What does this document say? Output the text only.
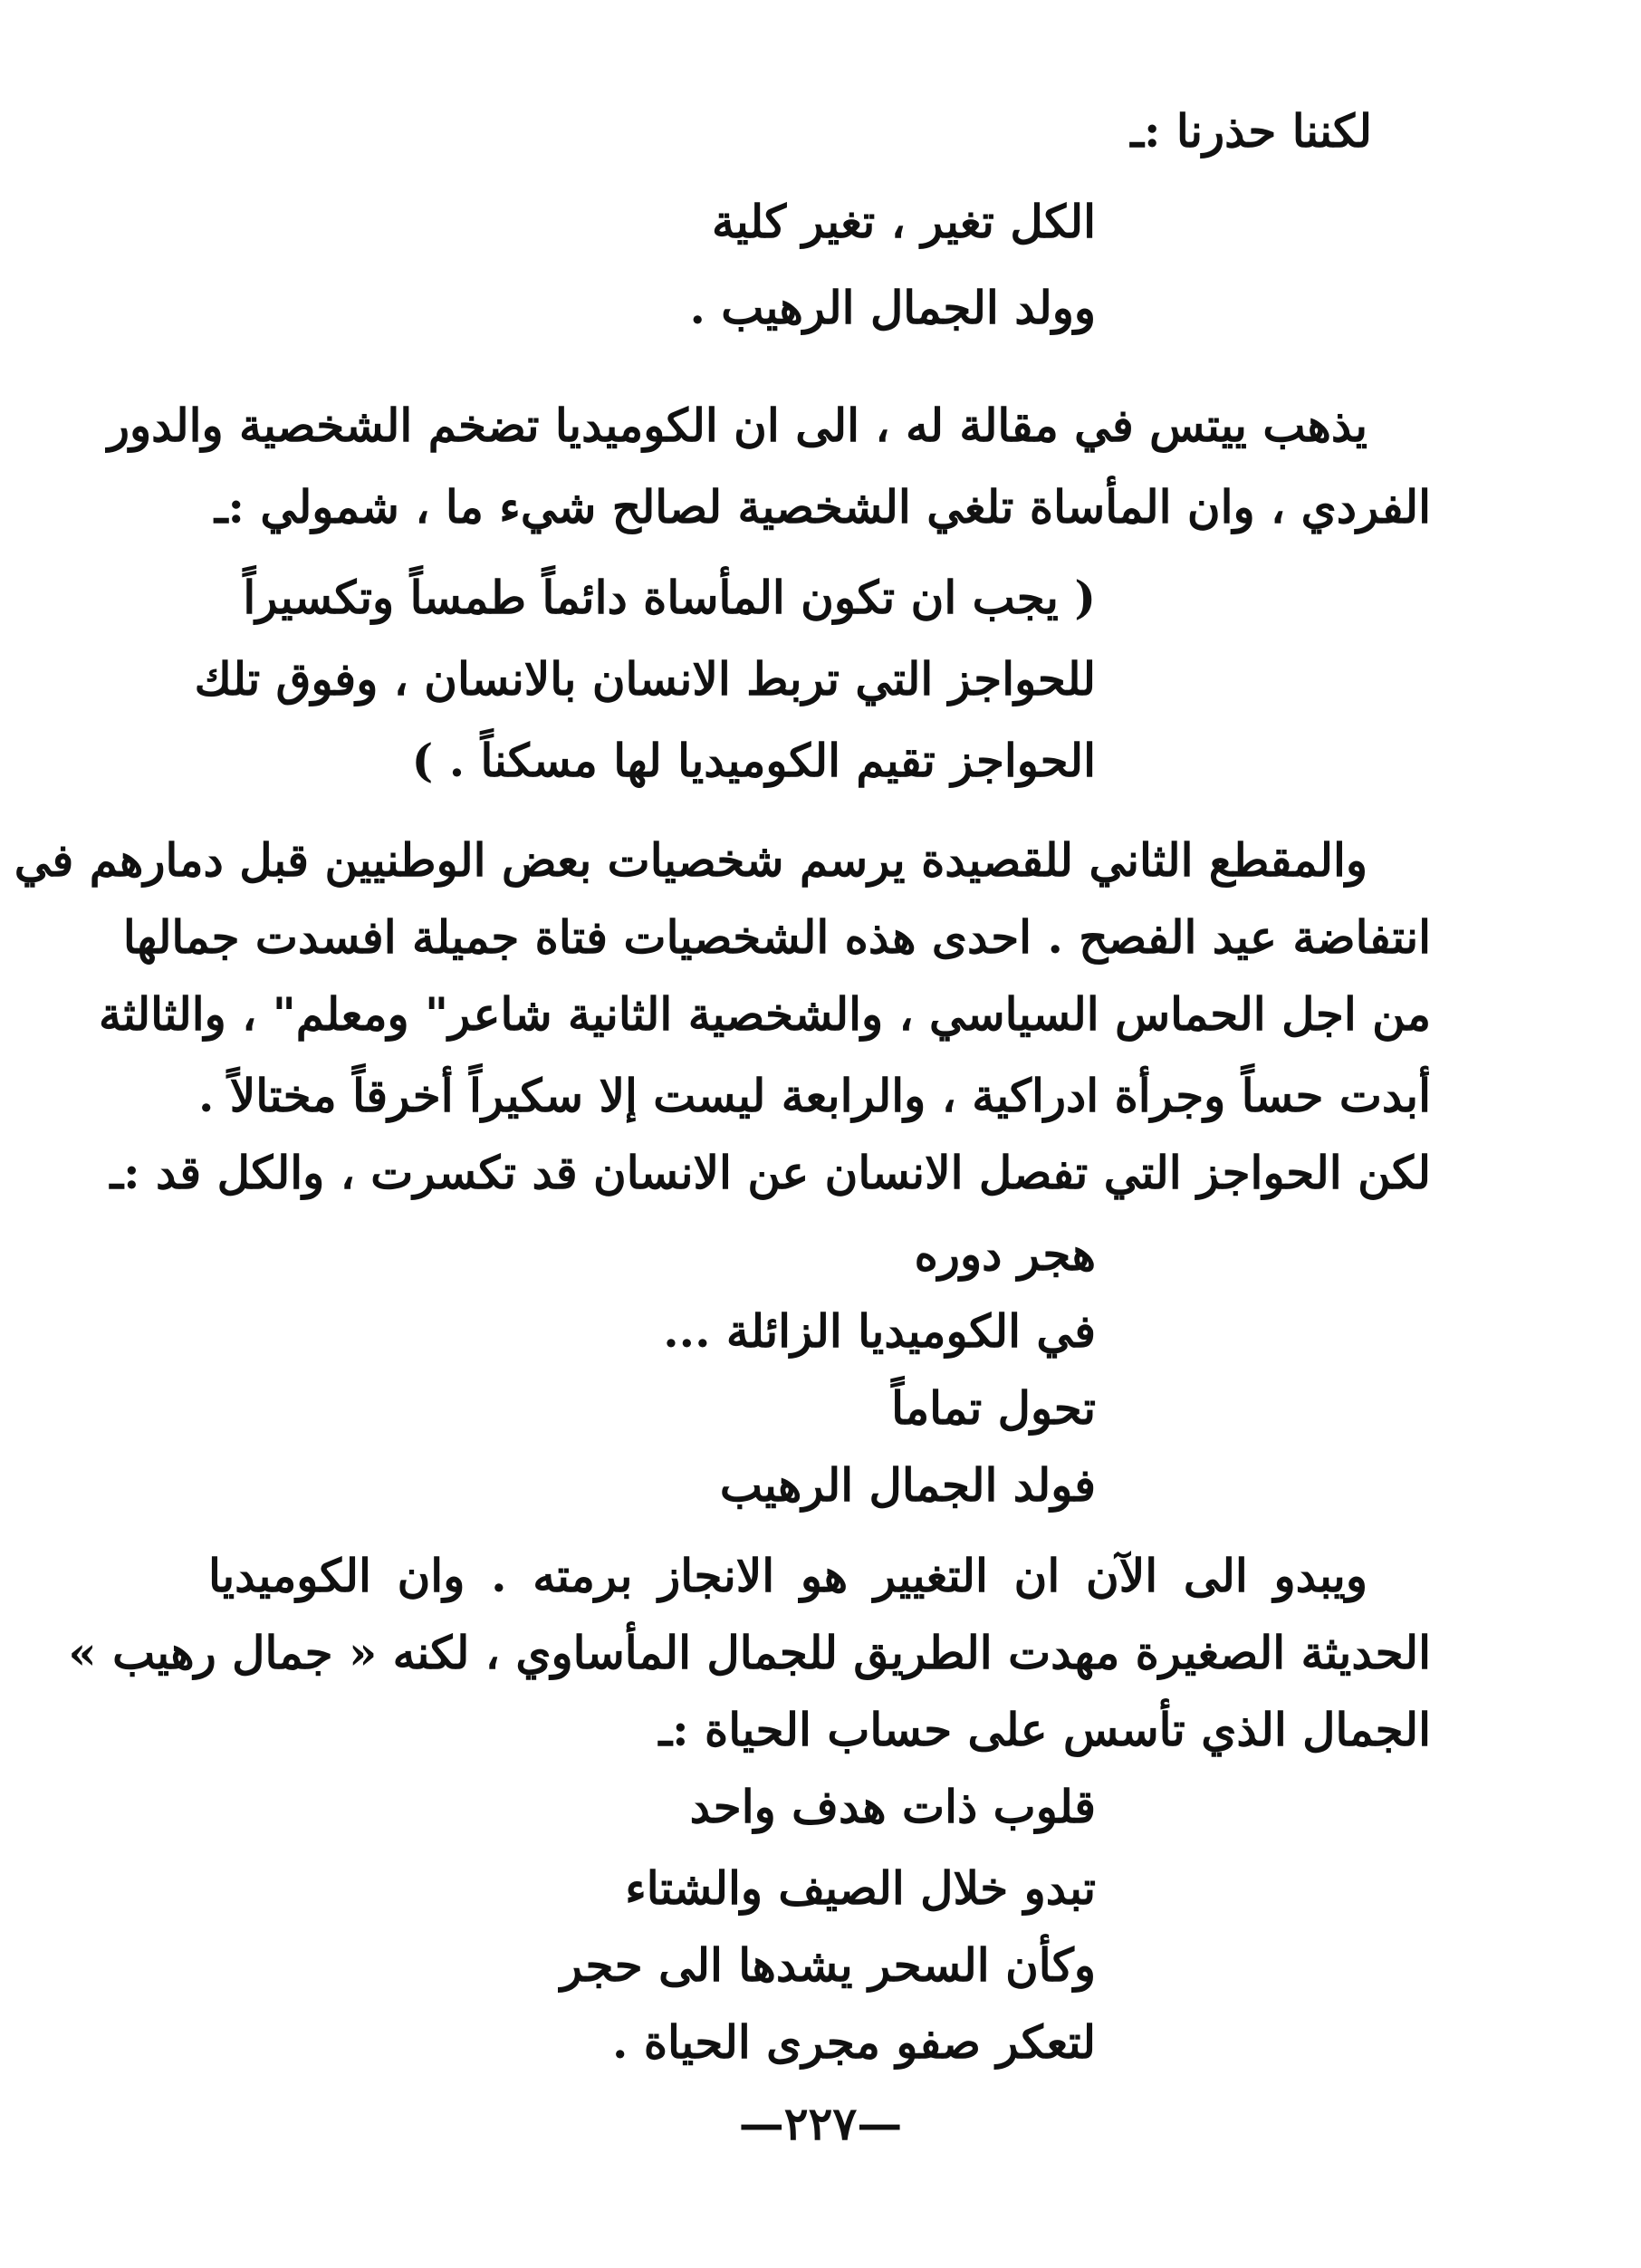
لكننا حذرنا :ـ
الكل تغير ، تغير كلية
وولد الجمال الرهيب .
يذهب ييتس في مقالة له ، الى ان الكوميديا تضخم الشخصية والدور
الفردي ، وان المأساة تلغي الشخصية لصالح شيء ما ، شمولي :ـ
( يجب ان تكون المأساة دائماً طمساً وتكسيراً
للحواجز التي تربط الانسان بالانسان ، وفوق تلك
الحواجز تقيم الكوميديا لها مسكناً . )
والمقطع الثاني للقصيدة يرسم شخصيات بعض الوطنيين قبل دمارهم في
انتفاضة عيد الفصح . احدى هذه الشخصيات فتاة جميلة افسدت جمالها
من اجل الحماس السياسي ، والشخصية الثانية شاعر" ومعلم" ، والثالثة
أبدت حساً وجرأة ادراكية ، والرابعة ليست إلا سكيراً أخرقاً مختالاً .
لكن الحواجز التي تفصل الانسان عن الانسان قد تكسرت ، والكل قد :ـ
هجر دوره
في الكوميديا الزائلة ...
تحول تماماً
فولد الجمال الرهيب
ويبدو الى الآن ان التغيير هو الانجاز برمته . وان الكوميديا
الحديثة الصغيرة مهدت الطريق للجمال المأساوي ، لكنه « جمال رهيب »
الجمال الذي تأسس على حساب الحياة :ـ
قلوب ذات هدف واحد
تبدو خلال الصيف والشتاء
وكأن السحر يشدها الى حجر
لتعكر صفو مجرى الحياة .
—٢٢٧—
